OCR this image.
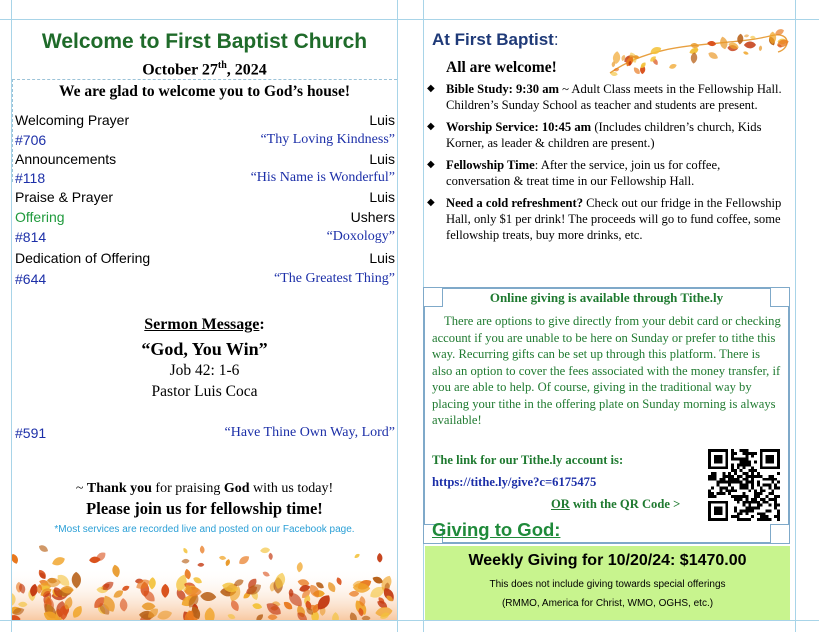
Welcome to First Baptist Church
October 27th, 2024
We are glad to welcome you to God’s house!
Welcoming Prayer	Luis
#706	“Thy Loving Kindness”
Announcements	Luis
#118	“His Name is Wonderful”
Praise & Prayer	Luis
Offering	Ushers
#814	“Doxology”
Dedication of Offering	Luis
#644	“The Greatest Thing”
Sermon Message:
“God, You Win”
Job 42: 1-6
Pastor Luis Coca
#591	“Have Thine Own Way, Lord”
~ Thank you for praising God with us today!
Please join us for fellowship time!
*Most services are recorded live and posted on our Facebook page.
At First Baptist:
All are welcome!
◆ Bible Study: 9:30 am ~ Adult Class meets in the Fellowship Hall. Children’s Sunday School as teacher and students are present.
◆ Worship Service: 10:45 am (Includes children’s church, Kids Korner, as leader & children are present.)
◆ Fellowship Time: After the service, join us for coffee, conversation & treat time in our Fellowship Hall.
◆ Need a cold refreshment? Check out our fridge in the Fellowship Hall, only $1 per drink! The proceeds will go to fund coffee, some fellowship treats, buy more drinks, etc.
Online giving is available through Tithe.ly
There are options to give directly from your debit card or checking account if you are unable to be here on Sunday or prefer to tithe this way. Recurring gifts can be set up through this platform. There is also an option to cover the fees associated with the money transfer, if you are able to help. Of course, giving in the traditional way by placing your tithe in the offering plate on Sunday morning is always available!
The link for our Tithe.ly account is:
https://tithe.ly/give?c=6175475
OR with the QR Code >
Giving to God:
Weekly Giving for 10/20/24: $1470.00
This does not include giving towards special offerings
(RMMO, America for Christ, WMO, OGHS, etc.)
